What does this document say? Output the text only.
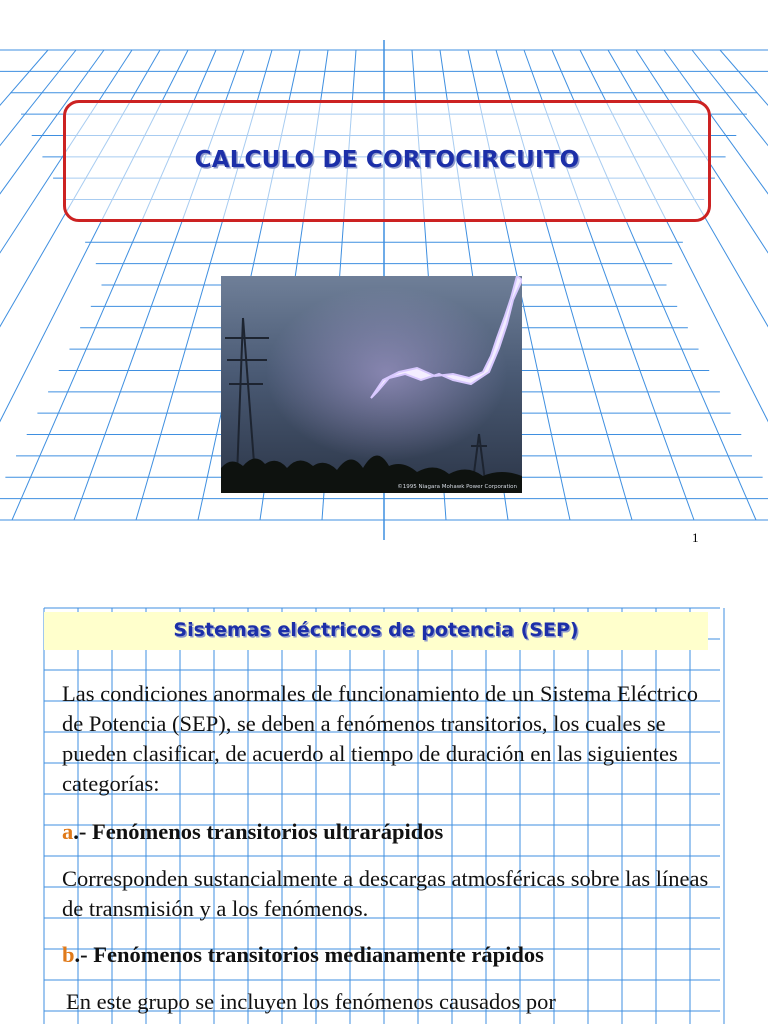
CALCULO DE CORTOCIRCUITO
©1995 Niagara Mohawk Power Corporation
1
Sistemas eléctricos de potencia (SEP)
Las condiciones anormales de funcionamiento de un Sistema Eléctrico de Potencia (SEP), se deben a fenómenos transitorios, los cuales se pueden clasificar, de acuerdo al tiempo de duración en las siguientes categorías:
a.- Fenómenos transitorios ultrarápidos
Corresponden sustancialmente a descargas atmosféricas sobre las líneas de transmisión y a los fenómenos.
b.- Fenómenos transitorios medianamente rápidos
En este grupo se incluyen los fenómenos causados por
